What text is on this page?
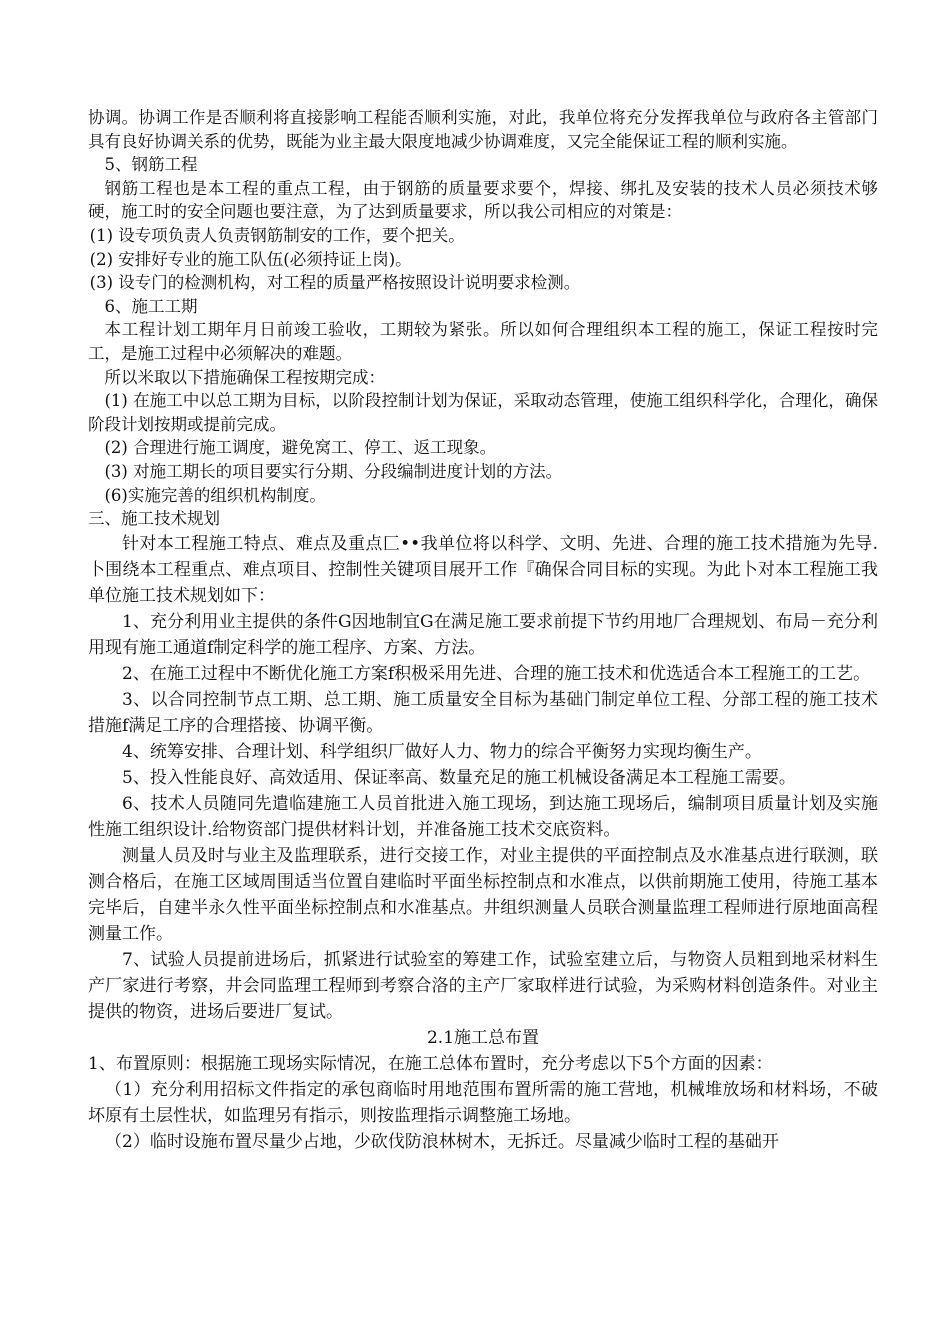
协调。协调工作是否顺利将直接影响工程能否顺利实施，对此，我单位将充分发挥我单位与政府各主管部门具有良好协调关系的优势，既能为业主最大限度地减少协调难度，又完全能保证工程的顺利实施。

5、钢筋工程

钢筋工程也是本工程的重点工程，由于钢筋的质量要求要个，焊接、绑扎及安装的技术人员必须技术够硬，施工时的安全问题也要注意，为了达到质量要求，所以我公司相应的对策是：

(1) 设专项负责人负责钢筋制安的工作，要个把关。

(2) 安排好专业的施工队伍(必须持证上岗)。

(3) 设专门的检测机构，对工程的质量严格按照设计说明要求检测。

6、施工工期

本工程计划工期年月日前竣工验收，工期较为紧张。所以如何合理组织本工程的施工，保证工程按时完工，是施工过程中必须解决的难题。

所以米取以下措施确保工程按期完成：

(1) 在施工中以总工期为目标，以阶段控制计划为保证，采取动态管理，使施工组织科学化，合理化，确保阶段计划按期或提前完成。

(2) 合理进行施工调度，避免窝工、停工、返工现象。

(3) 对施工期长的项目要实行分期、分段编制进度计划的方法。

(6)实施完善的组织机构制度。

三、施工技术规划

针对本工程施工特点、难点及重点匚••我单位将以科学、文明、先进、合理的施工技术措施为先导.卜围绕本工程重点、难点项目、控制性关键项目展开工作『确保合同目标的实现。为此卜对本工程施工我单位施工技术规划如下：

1、充分利用业主提供的条件G因地制宜G在满足施工要求前提下节约用地厂合理规划、布局－充分利用现有施工通道f制定科学的施工程序、方案、方法。

2、在施工过程中不断优化施工方案f积极采用先进、合理的施工技术和优选适合本工程施工的工艺。

3、以合同控制节点工期、总工期、施工质量安全目标为基础门制定单位工程、分部工程的施工技术措施f满足工序的合理搭接、协调平衡。

4、统筹安排、合理计划、科学组织厂做好人力、物力的综合平衡努力实现均衡生产。

5、投入性能良好、高效适用、保证率高、数量充足的施工机械设备满足本工程施工需要。

6、技术人员随同先遣临建施工人员首批进入施工现场，到达施工现场后，编制项目质量计划及实施性施工组织设计.给物资部门提供材料计划，并准备施工技术交底资料。

测量人员及时与业主及监理联系，进行交接工作，对业主提供的平面控制点及水准基点进行联测，联测合格后，在施工区域周围适当位置自建临时平面坐标控制点和水准点，以供前期施工使用，待施工基本完毕后，自建半永久性平面坐标控制点和水准基点。井组织测量人员联合测量监理工程师进行原地面高程测量工作。

7、试验人员提前进场后，抓紧进行试验室的筹建工作，试验室建立后，与物资人员粗到地采材料生产厂家进行考察，井会同监理工程师到考察合洛的主产厂家取样进行试验，为采购材料创造条件。对业主提供的物资，进场后要进厂复试。

2.1施工总布置

1、布置原则：根据施工现场实际情况，在施工总体布置时，充分考虑以下5个方面的因素：

（1）充分利用招标文件指定的承包商临时用地范围布置所需的施工营地，机械堆放场和材料场，不破坏原有土层性状，如监理另有指示，则按监理指示调整施工场地。

（2）临时设施布置尽量少占地，少砍伐防浪林树木，无拆迁。尽量减少临时工程的基础开
